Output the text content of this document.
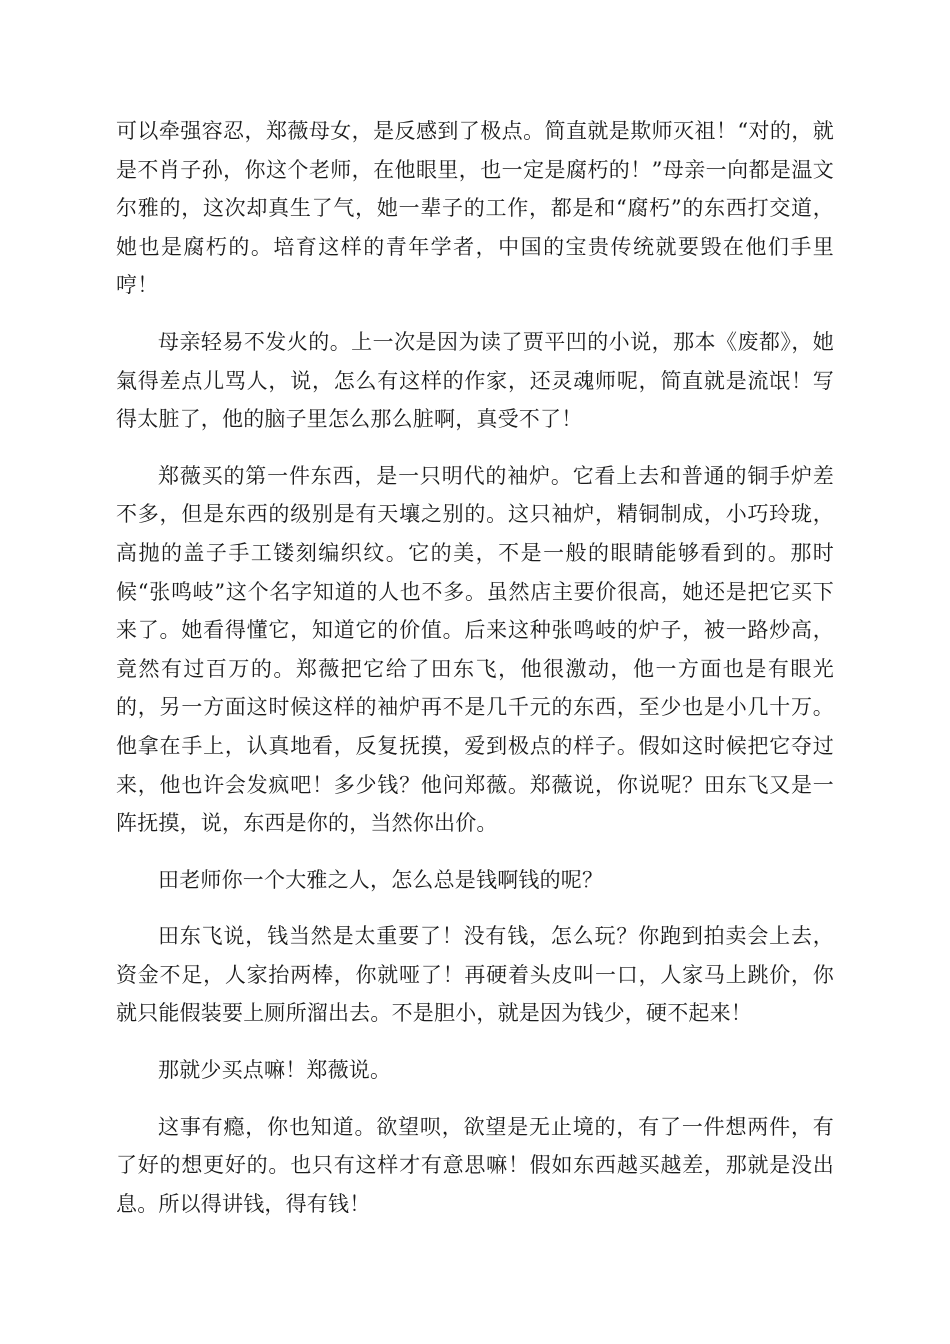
可以牵强容忍，郑薇母女，是反感到了极点。简直就是欺师灭祖！“对的，就是不肖子孙，你这个老师，在他眼里，也一定是腐朽的！”母亲一向都是温文尔雅的，这次却真生了气，她一辈子的工作，都是和“腐朽”的东西打交道，她也是腐朽的。培育这样的青年学者，中国的宝贵传统就要毁在他们手里哼！

母亲轻易不发火的。上一次是因为读了贾平凹的小说，那本《废都》，她氣得差点儿骂人，说，怎么有这样的作家，还灵魂师呢，简直就是流氓！写得太脏了，他的脑子里怎么那么脏啊，真受不了！

郑薇买的第一件东西，是一只明代的袖炉。它看上去和普通的铜手炉差不多，但是东西的级别是有天壤之别的。这只袖炉，精铜制成，小巧玲珑，高抛的盖子手工镂刻编织纹。它的美，不是一般的眼睛能够看到的。那时候“张鸣岐”这个名字知道的人也不多。虽然店主要价很高，她还是把它买下来了。她看得懂它，知道它的价值。后来这种张鸣岐的炉子，被一路炒高，竟然有过百万的。郑薇把它给了田东飞，他很激动，他一方面也是有眼光的，另一方面这时候这样的袖炉再不是几千元的东西，至少也是小几十万。他拿在手上，认真地看，反复抚摸，爱到极点的样子。假如这时候把它夺过来，他也许会发疯吧！多少钱？他问郑薇。郑薇说，你说呢？田东飞又是一阵抚摸，说，东西是你的，当然你出价。

田老师你一个大雅之人，怎么总是钱啊钱的呢？

田东飞说，钱当然是太重要了！没有钱，怎么玩？你跑到拍卖会上去，资金不足，人家抬两棒，你就哑了！再硬着头皮叫一口，人家马上跳价，你就只能假装要上厕所溜出去。不是胆小，就是因为钱少，硬不起来！

那就少买点嘛！郑薇说。

这事有瘾，你也知道。欲望呗，欲望是无止境的，有了一件想两件，有了好的想更好的。也只有这样才有意思嘛！假如东西越买越差，那就是没出息。所以得讲钱，得有钱！
